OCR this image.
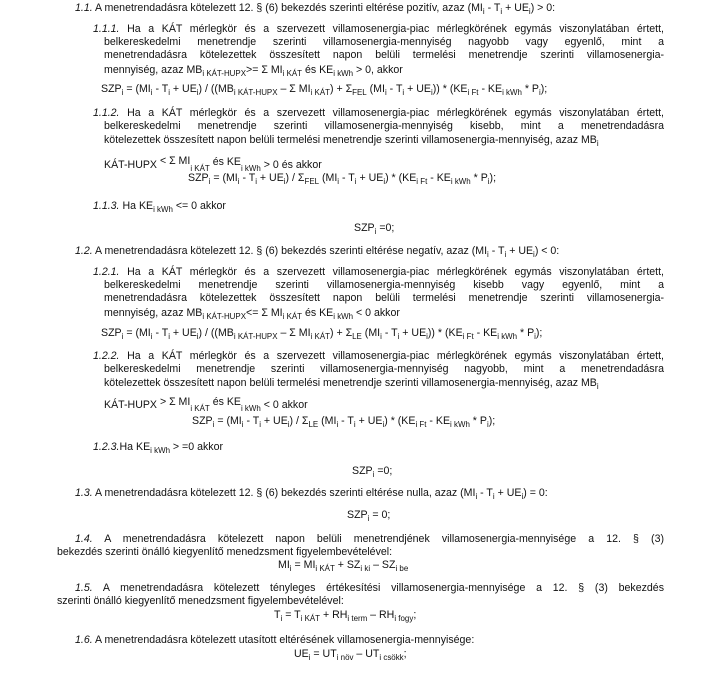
1.1. A menetrendadásra kötelezett 12. § (6) bekezdés szerinti eltérése pozitív, azaz $(MI_i - T_i + UE_i) > 0$:
1.1.1. Ha a KÁT mérlegkör és a szervezett villamosenergia-piac mérlegkörének egymás viszonylatában értett,
belkereskedelmi menetrendje szerinti villamosenergia-mennyiség nagyobb vagy egyenlő, mint a
menetrendadásra kötelezettek összesített napon belüli termelési menetrendje szerinti villamosenergia-
mennyiség, azaz $MB_{i KÁT-HUPX}>= \Sigma$ $MI_{i KÁT}$ és $KE_{i kWh} > 0$, akkor
$SZP_i = (MI_i - T_i + UE_i) / ((MB_{i KÁT-HUPX} - \Sigma$ $MI_{i KÁT}) + \Sigma_{FEL}$ $(MI_i - T_i + UE_i)) * (KE_{i Ft} - KE_{i kWh} * P_i)$;
1.1.2. Ha a KÁT mérlegkör és a szervezett villamosenergia-piac mérlegkörének egymás viszonylatában értett,
belkereskedelmi menetrendje szerinti villamosenergia-mennyiség kisebb, mint a menetrendadásra
kötelezettek összesített napon belüli termelési menetrendje szerinti villamosenergia-mennyiség, azaz $MB_i$
KÁT-HUPX $^{< \Sigma MI}_{i KÁT}$ és $KE_{i kWh} > 0$ és akkor
$SZP_i = (MI_i - T_i + UE_i) / \Sigma_{FEL}$ $(MI_i - T_i + UE_i) * (KE_{i Ft} - KE_{i kWh} * P_i)$;
1.1.3. Ha $KE_{i kWh} <= 0$ akkor
$SZP_i =0$;
1.2. A menetrendadásra kötelezett 12. § (6) bekezdés szerinti eltérése negatív, azaz $(MI_i - T_i + UE_i) < 0$:
1.2.1. Ha a KÁT mérlegkör és a szervezett villamosenergia-piac mérlegkörének egymás viszonylatában értett,
belkereskedelmi menetrendje szerinti villamosenergia-mennyiség kisebb vagy egyenlő, mint a
menetrendadásra kötelezettek összesített napon belüli termelési menetrendje szerinti villamosenergia-
mennyiség, azaz $MB_{i KÁT-HUPX}<= \Sigma$ $MI_{i KÁT}$ és $KE_{i kWh} < 0$ akkor
$SZP_i = (MI_i - T_i + UE_i) / ((MB_{i KÁT-HUPX} - \Sigma$ $MI_{i KÁT}) + \Sigma_{LE}$ $(MI_i - T_i + UE_i)) * (KE_{i Ft} - KE_{i kWh} * P_i)$;
1.2.2. Ha a KÁT mérlegkör és a szervezett villamosenergia-piac mérlegkörének egymás viszonylatában értett,
belkereskedelmi menetrendje szerinti villamosenergia-mennyiség nagyobb, mint a menetrendadásra
kötelezettek összesített napon belüli termelési menetrendje szerinti villamosenergia-mennyiség, azaz $MB_i$
KÁT-HUPX > Σ $MI_{i KÁT}$ és $KE_{i kWh} < 0$ akkor
$SZP_i = (MI_i - T_i + UE_i) / \Sigma_{LE}$ $(MI_i - T_i + UE_i) * (KE_{i Ft} - KE_{i kWh} * P_i)$;
1.2.3.Ha $KE_{i kWh} > =0$ akkor
$SZP_i =0$;
1.3. A menetrendadásra kötelezett 12. § (6) bekezdés szerinti eltérése nulla, azaz $(MI_i - T_i + UE_i) = 0$:
$SZP_i = 0$;
1.4. A menetrendadásra kötelezett napon belüli menetrendjének villamosenergia-mennyisége a 12. § (3)
bekezdés szerinti önálló kiegyenlítő menedzsment figyelembevételével:
$MI_i = MI_{i KÁT} + SZ_{i ki} - SZ_{i be}$
1.5. A menetrendadásra kötelezett tényleges értékesítési villamosenergia-mennyisége a 12. § (3) bekezdés
szerinti önálló kiegyenlítő menedzsment figyelembevételével:
$T_i = T_{i KÁT} + RH_{i term} - RH_{i fogy}$;
1.6. A menetrendadásra kötelezett utasított eltérésének villamosenergia-mennyisége:
$UE_i = UT_{i növ} - UT_{i csökk}$;
